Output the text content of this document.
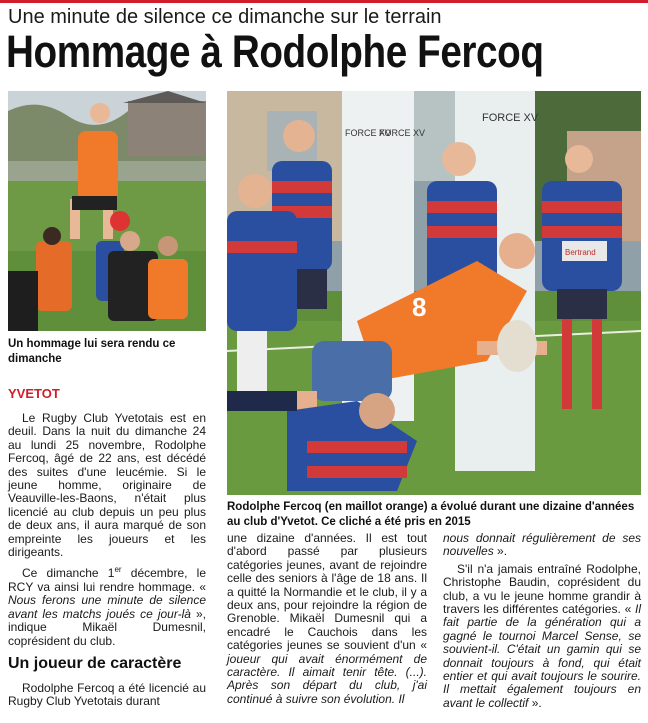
Une minute de silence ce dimanche sur le terrain
Hommage à Rodolphe Fercoq
Un hommage lui sera rendu ce dimanche
FORCE XV
FORCE XV
FORCE XV
Bertrand
8
Rodolphe Fercoq (en maillot orange) a évolué durant une dizaine d'années au club d'Yvetot. Ce cliché a été pris en 2015
YVETOT

Le Rugby Club Yvetotais est en deuil. Dans la nuit du dimanche 24 au lundi 25 novembre, Rodolphe Fercoq, âgé de 22 ans, est décédé des suites d'une leucémie. Si le jeune homme, originaire de Veauville-les-Baons, n'était plus licencié au club depuis un peu plus de deux ans, il aura marqué de son empreinte les joueurs et les dirigeants.

Ce dimanche 1er décembre, le RCY va ainsi lui rendre hommage. « Nous ferons une minute de silence avant les matchs joués ce jour-là », indique Mikaël Dumesnil, coprésident du club.

Un joueur de caractère

Rodolphe Fercoq a été licencié au Rugby Club Yvetotais durant

une dizaine d'années. Il est tout d'abord passé par plusieurs catégories jeunes, avant de rejoindre celle des seniors à l'âge de 18 ans. Il a quitté la Normandie et le club, il y a deux ans, pour rejoindre la région de Grenoble. Mikaël Dumesnil qui a encadré le Cauchois dans les catégories jeunes se souvient d'un « joueur qui avait énormément de caractère. Il aimait tenir tête. (...). Après son départ du club, j'ai continué à suivre son évolution. Il

nous donnait régulièrement de ses nouvelles ».

S'il n'a jamais entraîné Rodolphe, Christophe Baudin, coprésident du club, a vu le jeune homme grandir à travers les différentes catégories. « Il fait partie de la génération qui a gagné le tournoi Marcel Sense, se souvient-il. C'était un gamin qui se donnait toujours à fond, qui était entier et qui avait toujours le sourire. Il mettait également toujours en avant le collectif ».
